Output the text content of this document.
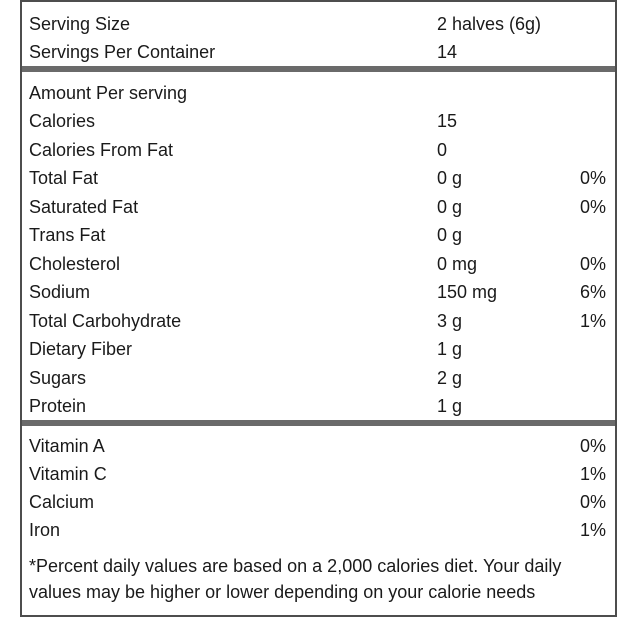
Serving Size	2 halves (6g)
Servings Per Container	14
Amount Per serving
Calories	15
Calories From Fat	0
Total Fat	0 g	0%
Saturated Fat	0 g	0%
Trans Fat	0 g
Cholesterol	0 mg	0%
Sodium	150 mg	6%
Total Carbohydrate	3 g	1%
Dietary Fiber	1 g
Sugars	2 g
Protein	1 g
Vitamin A	0%
Vitamin C	1%
Calcium	0%
Iron	1%
*Percent daily values are based on a 2,000 calories diet. Your daily values may be higher or lower depending on your calorie needs
